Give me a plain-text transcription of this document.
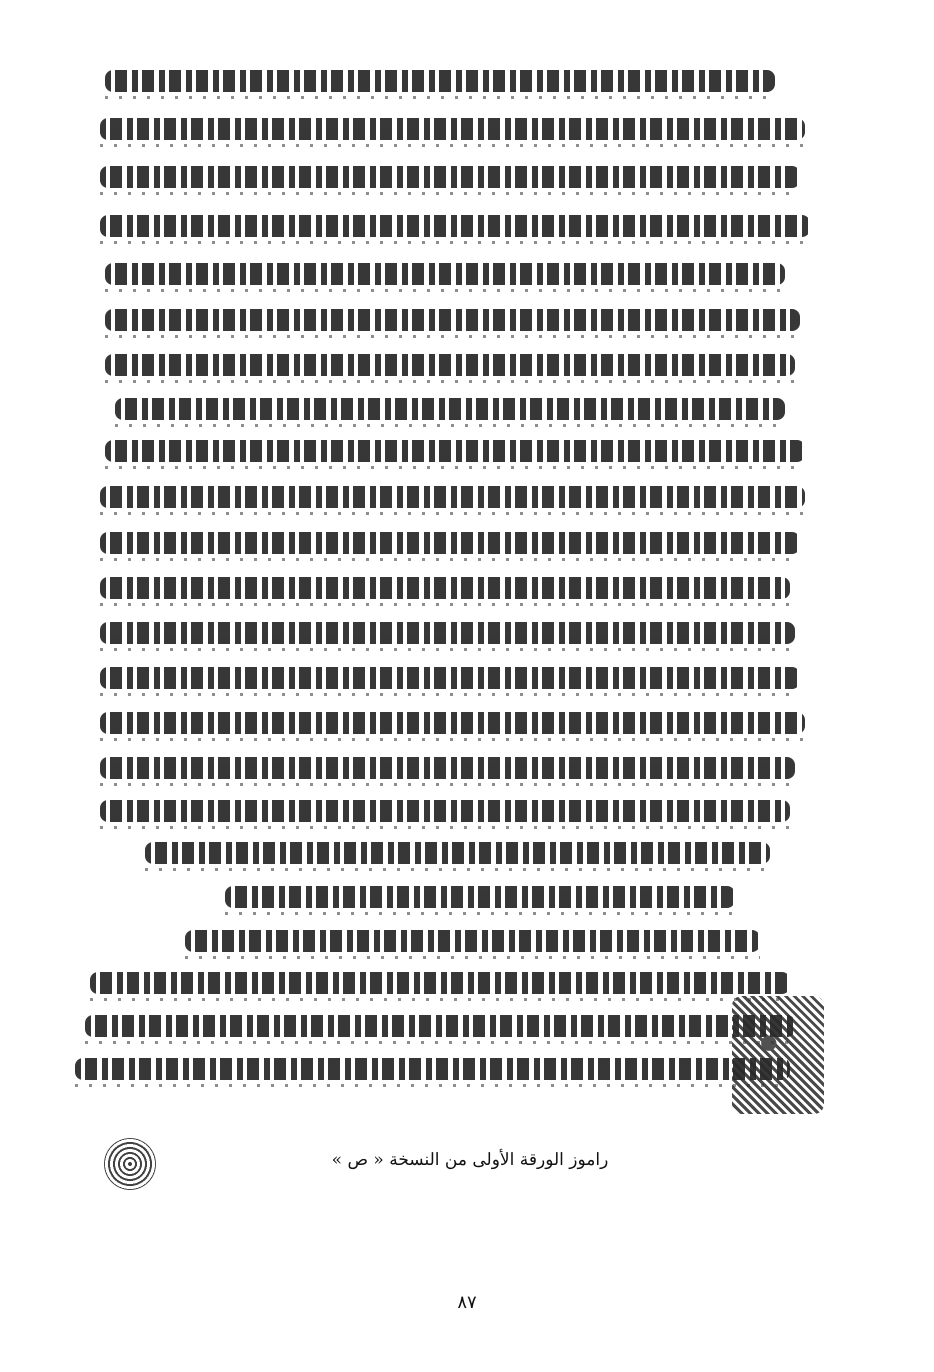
راموز الورقة الأولى من النسخة « ص »
٨٧
